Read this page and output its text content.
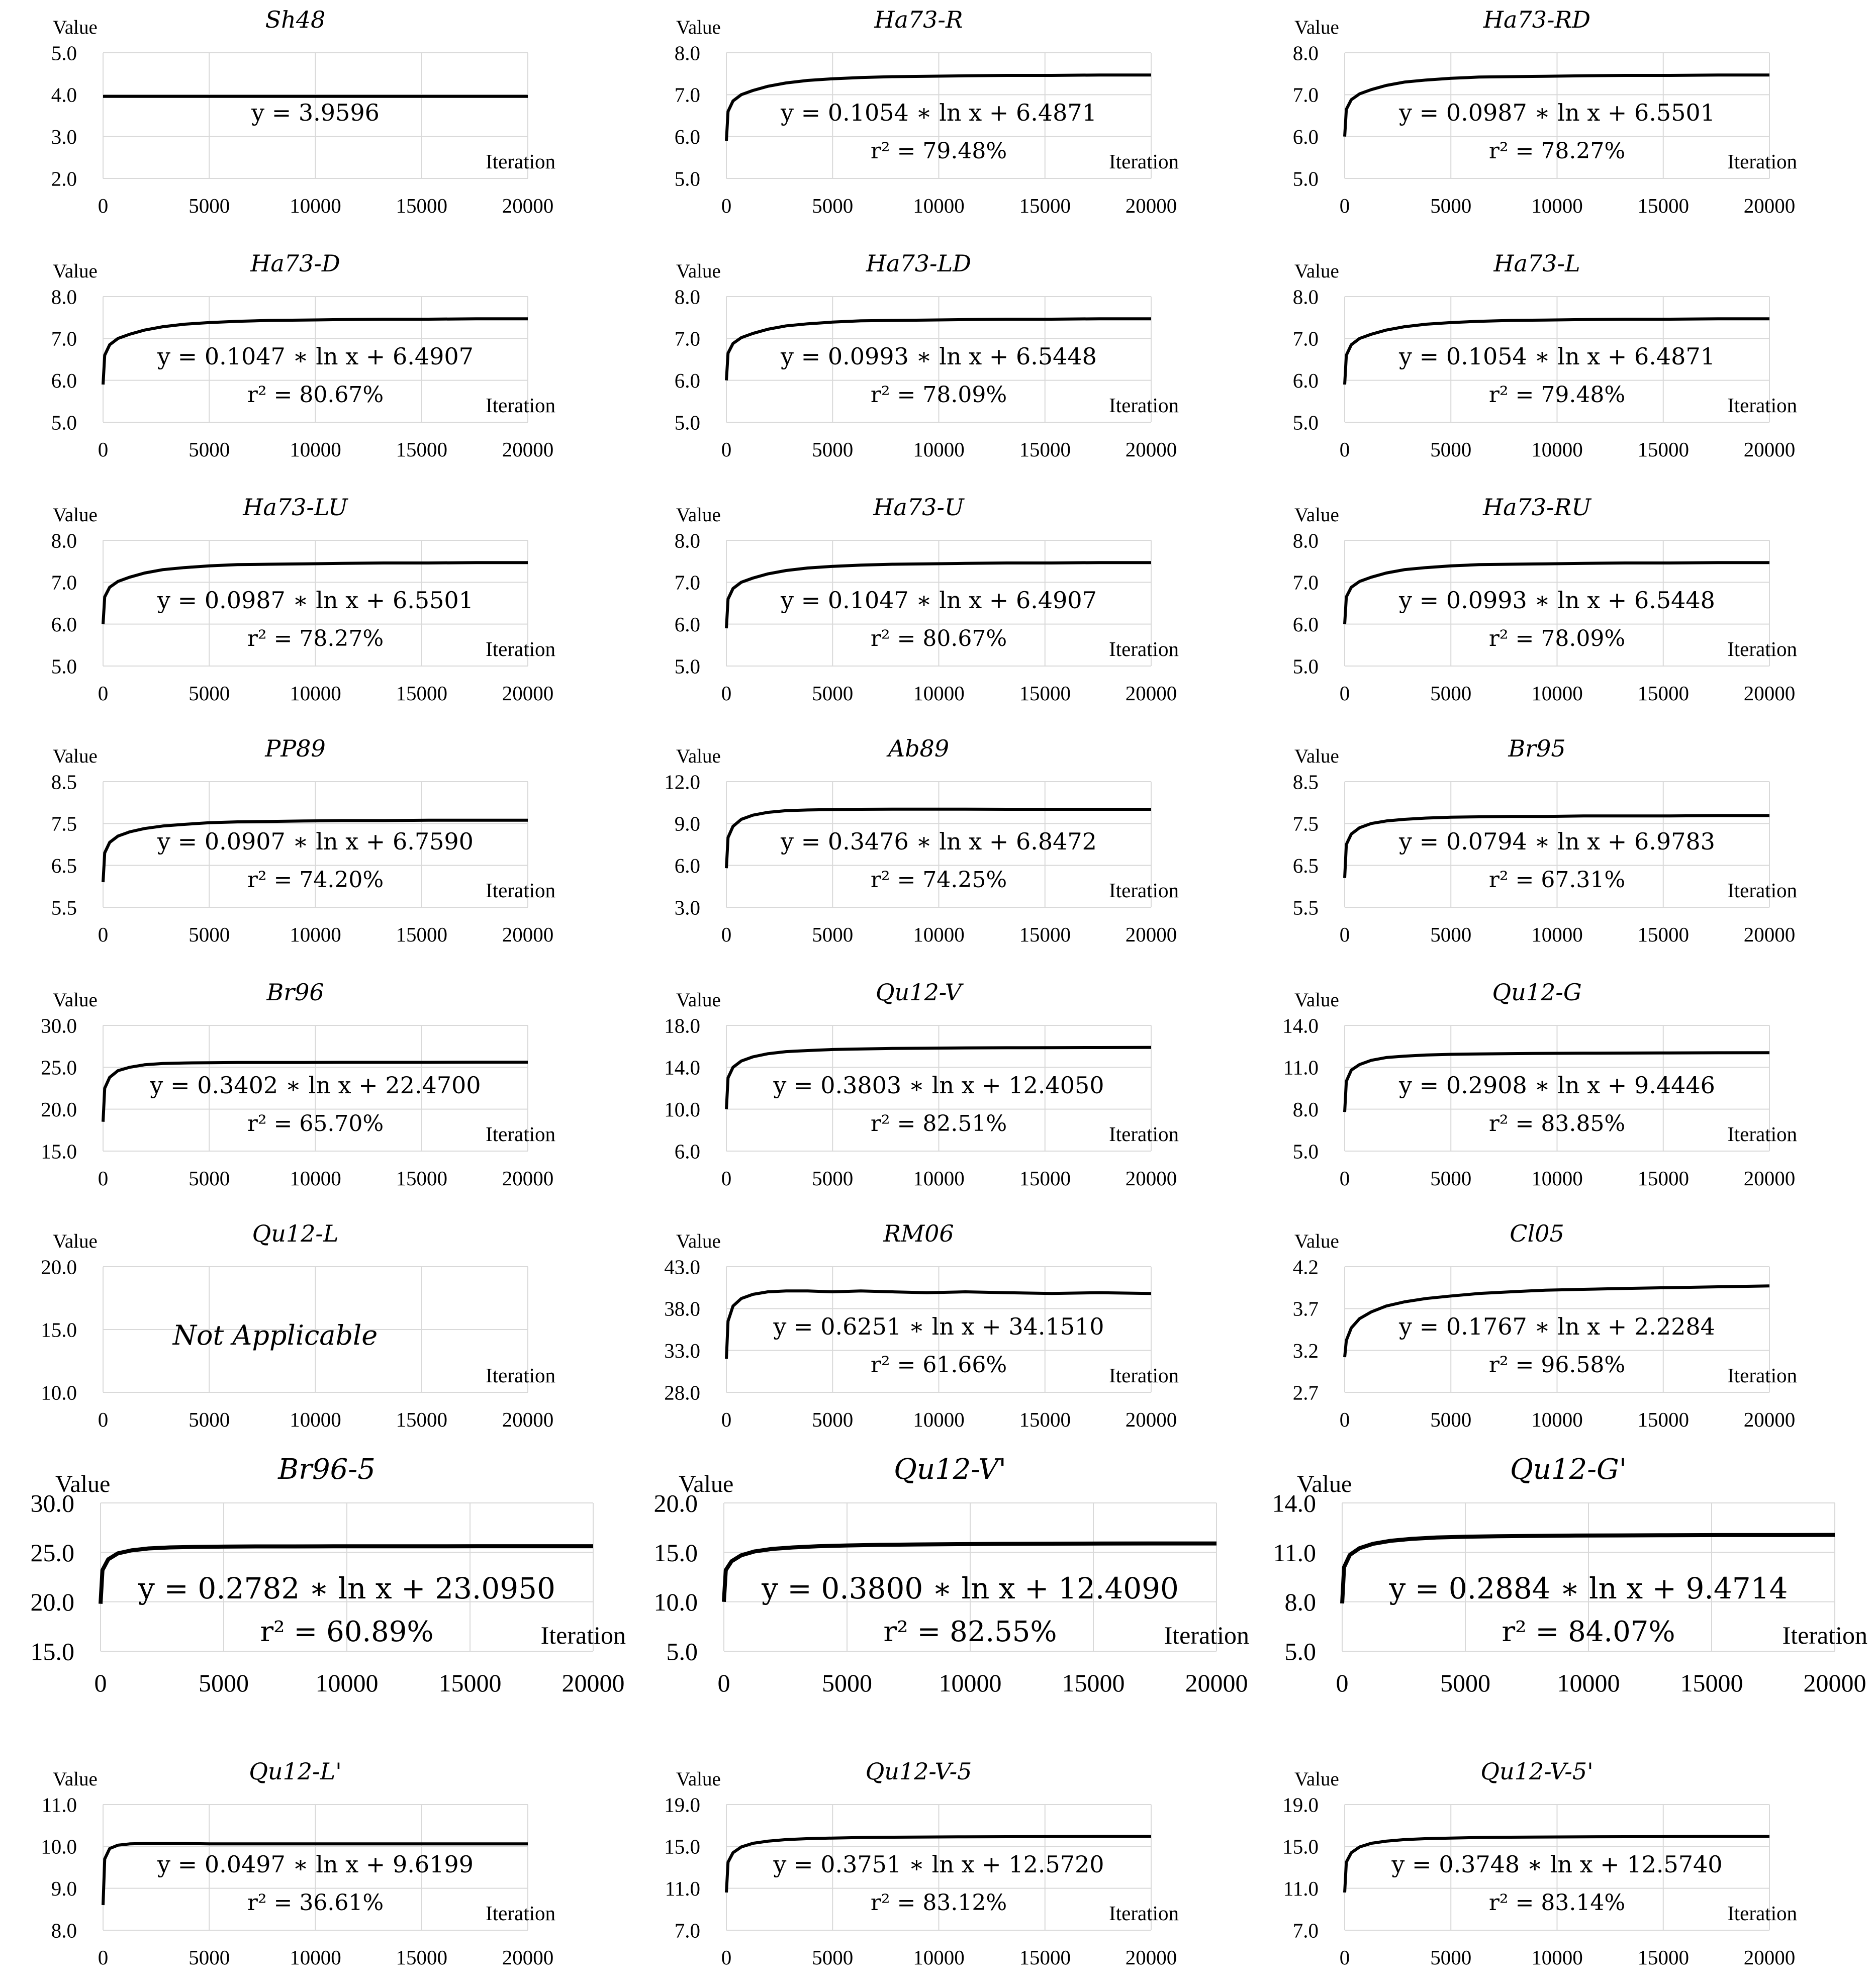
Sh48
Value
Iteration
5.0
4.0
3.0
2.0
0	5000	10000	15000	20000
y = 3.9596
Ha73-R
Value
Iteration
8.0
7.0
6.0
5.0
0	5000	10000	15000	20000
y = 0.1054 ∗ ln x + 6.4871
r² = 79.48%
Ha73-RD
Value
Iteration
8.0
7.0
6.0
5.0
0	5000	10000	15000	20000
y = 0.0987 ∗ ln x + 6.5501
r² = 78.27%
Ha73-D
Value
Iteration
8.0
7.0
6.0
5.0
0	5000	10000	15000	20000
y = 0.1047 ∗ ln x + 6.4907
r² = 80.67%
Ha73-LD
Value
Iteration
8.0
7.0
6.0
5.0
0	5000	10000	15000	20000
y = 0.0993 ∗ ln x + 6.5448
r² = 78.09%
Ha73-L
Value
Iteration
8.0
7.0
6.0
5.0
0	5000	10000	15000	20000
y = 0.1054 ∗ ln x + 6.4871
r² = 79.48%
Ha73-LU
Value
Iteration
8.0
7.0
6.0
5.0
0	5000	10000	15000	20000
y = 0.0987 ∗ ln x + 6.5501
r² = 78.27%
Ha73-U
Value
Iteration
8.0
7.0
6.0
5.0
0	5000	10000	15000	20000
y = 0.1047 ∗ ln x + 6.4907
r² = 80.67%
Ha73-RU
Value
Iteration
8.0
7.0
6.0
5.0
0	5000	10000	15000	20000
y = 0.0993 ∗ ln x + 6.5448
r² = 78.09%
PP89
Value
Iteration
8.5
7.5
6.5
5.5
0	5000	10000	15000	20000
y = 0.0907 ∗ ln x + 6.7590
r² = 74.20%
Ab89
Value
Iteration
12.0
9.0
6.0
3.0
0	5000	10000	15000	20000
y = 0.3476 ∗ ln x + 6.8472
r² = 74.25%
Br95
Value
Iteration
8.5
7.5
6.5
5.5
0	5000	10000	15000	20000
y = 0.0794 ∗ ln x + 6.9783
r² = 67.31%
Br96
Value
Iteration
30.0
25.0
20.0
15.0
0	5000	10000	15000	20000
y = 0.3402 ∗ ln x + 22.4700
r² = 65.70%
Qu12-V
Value
Iteration
18.0
14.0
10.0
6.0
0	5000	10000	15000	20000
y = 0.3803 ∗ ln x + 12.4050
r² = 82.51%
Qu12-G
Value
Iteration
14.0
11.0
8.0
5.0
0	5000	10000	15000	20000
y = 0.2908 ∗ ln x + 9.4446
r² = 83.85%
Qu12-L
Value
Iteration
20.0
15.0
10.0
0	5000	10000	15000	20000
Not Applicable
RM06
Value
Iteration
43.0
38.0
33.0
28.0
0	5000	10000	15000	20000
y = 0.6251 ∗ ln x + 34.1510
r² = 61.66%
Cl05
Value
Iteration
4.2
3.7
3.2
2.7
0	5000	10000	15000	20000
y = 0.1767 ∗ ln x + 2.2284
r² = 96.58%
Br96-5
Value
Iteration
30.0
25.0
20.0
15.0
0	5000	10000 15000 20000
y = 0.2782 ∗ ln x + 23.0950
r² = 60.89%
Qu12-V'
Value
Iteration
20.0
15.0
10.0
5.0
0	5000	10000 15000 20000
y = 0.3800 ∗ ln x + 12.4090
r² = 82.55%
Qu12-G'
Value
Iteration
14.0
11.0
8.0
5.0
0	5000	10000 15000 20000
y = 0.2884 ∗ ln x + 9.4714
r² = 84.07%
Qu12-L'
Value
Iteration
11.0
10.0
9.0
8.0
0	5000	10000	15000	20000
y = 0.0497 ∗ ln x + 9.6199
r² = 36.61%
Qu12-V-5
Value
Iteration
19.0
15.0
11.0
7.0
0	5000	10000	15000	20000
y = 0.3751 ∗ ln x + 12.5720
r² = 83.12%
Qu12-V-5'
Value
Iteration
19.0
15.0
11.0
7.0
0	5000	10000	15000	20000
y = 0.3748 ∗ ln x + 12.5740
r² = 83.14%
